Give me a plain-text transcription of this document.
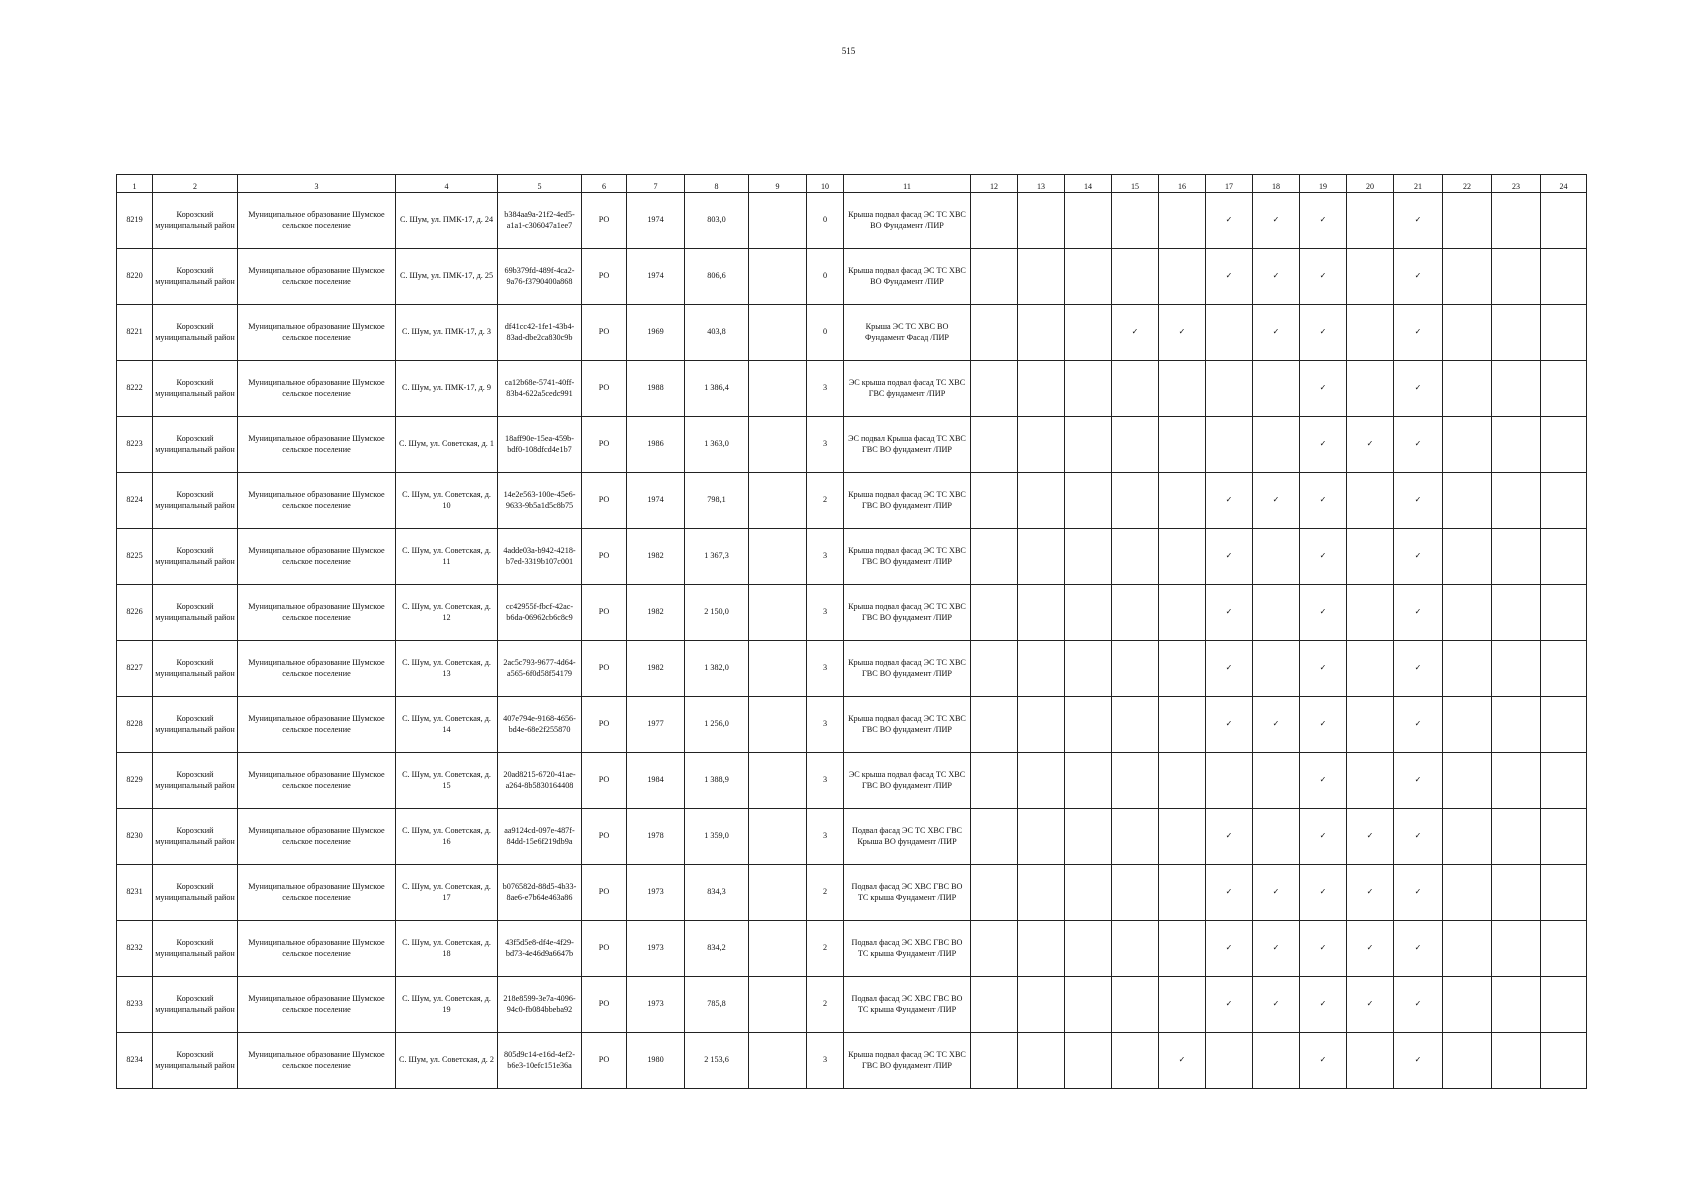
515
1	2	3	4	5	6	7	8	9	10	11	12	13	14	15	16	17	18	19	20	21	22	23	24
8219	Корозский муниципальный район	Муниципальное образование Шумское сельское поселение	С. Шум, ул. ПМК-17, д. 24	b384aa9a-21f2-4ed5-a1a1-c306047a1ee7	РО	1974	803,0		0	Крыша подвал фасад ЭС ТС ХВС ВО Фундамент /ПИР						✓	✓	✓		✓			
8220	Корозский муниципальный район	Муниципальное образование Шумское сельское поселение	С. Шум, ул. ПМК-17, д. 25	69b379fd-489f-4ca2-9a76-f3790400a868	РО	1974	806,6		0	Крыша подвал фасад ЭС ТС ХВС ВО Фундамент /ПИР						✓	✓	✓		✓			
8221	Корозский муниципальный район	Муниципальное образование Шумское сельское поселение	С. Шум, ул. ПМК-17, д. 3	df41cc42-1fe1-43b4-83ad-dbe2ca830c9b	РО	1969	403,8		0	Крыша ЭС ТС ХВС ВО Фундамент Фасад /ПИР				✓	✓		✓	✓		✓			
8222	Корозский муниципальный район	Муниципальное образование Шумское сельское поселение	С. Шум, ул. ПМК-17, д. 9	ca12b68e-5741-40ff-83b4-622a5cedc991	РО	1988	1 386,4		3	ЭС крыша подвал фасад ТС ХВС ГВС фундамент /ПИР								✓		✓			
8223	Корозский муниципальный район	Муниципальное образование Шумское сельское поселение	С. Шум, ул. Советская, д. 1	18aff90e-15ea-459b-bdf0-108dfcd4e1b7	РО	1986	1 363,0		3	ЭС подвал Крыша фасад ТС ХВС ГВС ВО фундамент /ПИР								✓	✓	✓			
8224	Корозский муниципальный район	Муниципальное образование Шумское сельское поселение	С. Шум, ул. Советская, д. 10	14e2e563-100e-45e6-9633-9b5a1d5c8b75	РО	1974	798,1		2	Крыша подвал фасад ЭС ТС ХВС ГВС ВО фундамент /ПИР						✓	✓	✓		✓			
8225	Корозский муниципальный район	Муниципальное образование Шумское сельское поселение	С. Шум, ул. Советская, д. 11	4adde03a-b942-4218-b7ed-3319b107c001	РО	1982	1 367,3		3	Крыша подвал фасад ЭС ТС ХВС ГВС ВО фундамент /ПИР						✓		✓		✓			
8226	Корозский муниципальный район	Муниципальное образование Шумское сельское поселение	С. Шум, ул. Советская, д. 12	cc42955f-fbcf-42ac-b6da-06962cb6c8c9	РО	1982	2 150,0		3	Крыша подвал фасад ЭС ТС ХВС ГВС ВО фундамент /ПИР						✓		✓		✓			
8227	Корозский муниципальный район	Муниципальное образование Шумское сельское поселение	С. Шум, ул. Советская, д. 13	2ac5c793-9677-4d64-a565-6f0d58f54179	РО	1982	1 382,0		3	Крыша подвал фасад ЭС ТС ХВС ГВС ВО фундамент /ПИР						✓		✓		✓			
8228	Корозский муниципальный район	Муниципальное образование Шумское сельское поселение	С. Шум, ул. Советская, д. 14	407e794e-9168-4656-bd4e-68e2f255870	РО	1977	1 256,0		3	Крыша подвал фасад ЭС ТС ХВС ГВС ВО фундамент /ПИР						✓	✓	✓		✓			
8229	Корозский муниципальный район	Муниципальное образование Шумское сельское поселение	С. Шум, ул. Советская, д. 15	20ad8215-6720-41ae-a264-8b5830164408	РО	1984	1 388,9		3	ЭС крыша подвал фасад ТС ХВС ГВС ВО фундамент /ПИР								✓		✓			
8230	Корозский муниципальный район	Муниципальное образование Шумское сельское поселение	С. Шум, ул. Советская, д. 16	aa9124cd-097e-487f-84dd-15e6f219db9a	РО	1978	1 359,0		3	Подвал фасад ЭС ТС ХВС ГВС Крыша ВО фундамент /ПИР						✓		✓	✓	✓			
8231	Корозский муниципальный район	Муниципальное образование Шумское сельское поселение	С. Шум, ул. Советская, д. 17	b076582d-88d5-4b33-8ae6-e7b64e463a86	РО	1973	834,3		2	Подвал фасад ЭС ХВС ГВС ВО ТС крыша Фундамент /ПИР						✓	✓	✓	✓	✓			
8232	Корозский муниципальный район	Муниципальное образование Шумское сельское поселение	С. Шум, ул. Советская, д. 18	43f5d5e8-df4e-4f29-bd73-4e46d9a6647b	РО	1973	834,2		2	Подвал фасад ЭС ХВС ГВС ВО ТС крыша Фундамент /ПИР						✓	✓	✓	✓	✓			
8233	Корозский муниципальный район	Муниципальное образование Шумское сельское поселение	С. Шум, ул. Советская, д. 19	218e8599-3e7a-4096-94c0-fb084bbeba92	РО	1973	785,8		2	Подвал фасад ЭС ХВС ГВС ВО ТС крыша Фундамент /ПИР						✓	✓	✓	✓	✓			
8234	Корозский муниципальный район	Муниципальное образование Шумское сельское поселение	С. Шум, ул. Советская, д. 2	805d9c14-e16d-4ef2-b6e3-10efc151e36a	РО	1980	2 153,6		3	Крыша подвал фасад ЭС ТС ХВС ГВС ВО фундамент /ПИР					✓			✓		✓			
